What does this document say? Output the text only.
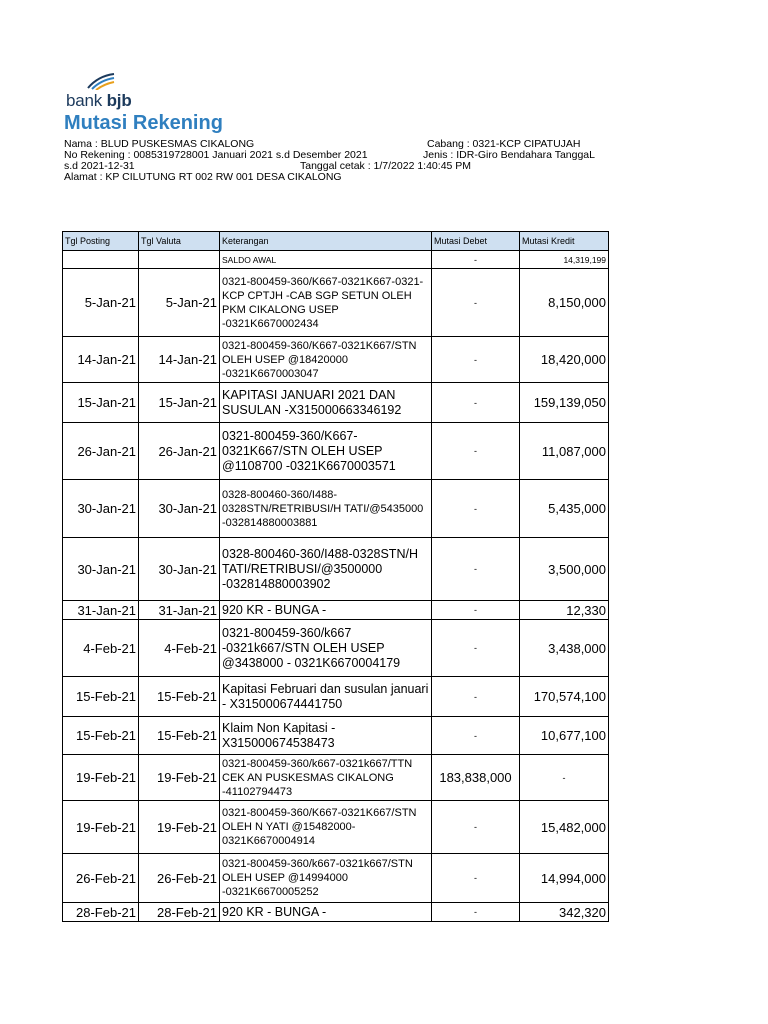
bank bjb
Mutasi Rekening
Nama : BLUD PUSKESMAS CIKALONG	Cabang : 0321-KCP CIPATUJAH
No Rekening : 0085319728001 Januari 2021 s.d Desember 2021	Jenis : IDR-Giro Bendahara TanggaL
s.d 2021-12-31	Tanggal cetak : 1/7/2022 1:40:45 PM
Alamat : KP CILUTUNG RT 002 RW 001 DESA CIKALONG
Tgl Posting	Tgl Valuta	Keterangan	Mutasi Debet	Mutasi Kredit
		SALDO AWAL	-	14,319,199
5-Jan-21	5-Jan-21	0321-800459-360/K667-0321K667-0321-KCP CPTJH -CAB SGP SETUN OLEH PKM CIKALONG USEP -0321K6670002434	-	8,150,000
14-Jan-21	14-Jan-21	0321-800459-360/K667-0321K667/STN OLEH USEP @18420000 -0321K6670003047	-	18,420,000
15-Jan-21	15-Jan-21	KAPITASI JANUARI 2021 DAN SUSULAN -X315000663346192	-	159,139,050
26-Jan-21	26-Jan-21	0321-800459-360/K667-0321K667/STN OLEH USEP @1108700 -0321K6670003571	-	11,087,000
30-Jan-21	30-Jan-21	0328-800460-360/I488-0328STN/RETRIBUSI/H TATI/@5435000 -032814880003881	-	5,435,000
30-Jan-21	30-Jan-21	0328-800460-360/I488-0328STN/H TATI/RETRIBUSI/@3500000 -032814880003902	-	3,500,000
31-Jan-21	31-Jan-21	920 KR - BUNGA -	-	12,330
4-Feb-21	4-Feb-21	0321-800459-360/k667 -0321k667/STN OLEH USEP @3438000 - 0321K6670004179	-	3,438,000
15-Feb-21	15-Feb-21	Kapitasi Februari dan susulan januari - X315000674441750	-	170,574,100
15-Feb-21	15-Feb-21	Klaim Non Kapitasi -X315000674538473	-	10,677,100
19-Feb-21	19-Feb-21	0321-800459-360/k667-0321k667/TTN CEK AN PUSKESMAS CIKALONG -41102794473	183,838,000	-
19-Feb-21	19-Feb-21	0321-800459-360/K667-0321K667/STN OLEH N YATI @15482000-0321K6670004914	-	15,482,000
26-Feb-21	26-Feb-21	0321-800459-360/k667-0321k667/STN OLEH USEP @14994000 -0321K6670005252	-	14,994,000
28-Feb-21	28-Feb-21	920 KR - BUNGA -	-	342,320
